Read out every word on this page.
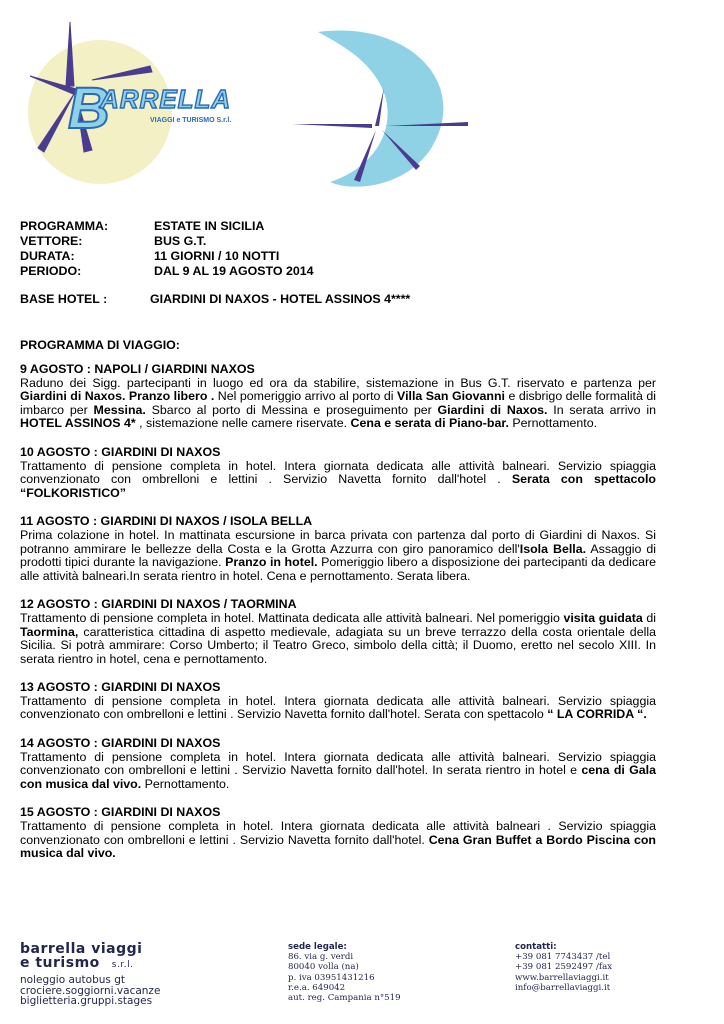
B
ARRELLA
VIAGGI e TURISMO S.r.l.
PROGRAMMA:	ESTATE IN SICILIA
VETTORE:	BUS G.T.
DURATA:	11 GIORNI / 10 NOTTI
PERIODO:	DAL 9 AL 19 AGOSTO 2014
BASE HOTEL :	GIARDINI DI NAXOS - HOTEL ASSINOS 4****
PROGRAMMA DI VIAGGIO:
9 AGOSTO : NAPOLI / GIARDINI NAXOS
Raduno dei Sigg. partecipanti in luogo ed ora da stabilire, sistemazione in Bus G.T. riservato e partenza per Giardini di Naxos. Pranzo libero . Nel pomeriggio arrivo al porto di Villa San Giovanni e disbrigo delle formalità di imbarco per Messina. Sbarco al porto di Messina e proseguimento per Giardini di Naxos. In serata arrivo in HOTEL ASSINOS 4* , sistemazione nelle camere riservate. Cena e serata di Piano-bar. Pernottamento.
10 AGOSTO : GIARDINI DI NAXOS
Trattamento di pensione completa in hotel. Intera giornata dedicata alle attività balneari. Servizio spiaggia convenzionato con ombrelloni e lettini . Servizio Navetta fornito dall'hotel . Serata con spettacolo “FOLKORISTICO”
11 AGOSTO : GIARDINI DI NAXOS / ISOLA BELLA
Prima colazione in hotel. In mattinata escursione in barca privata con partenza dal porto di Giardini di Naxos. Si potranno ammirare le bellezze della Costa e la Grotta Azzurra con giro panoramico dell'Isola Bella. Assaggio di prodotti tipici durante la navigazione. Pranzo in hotel. Pomeriggio libero a disposizione dei partecipanti da dedicare alle attività balneari.In serata rientro in hotel. Cena e pernottamento. Serata libera.
12 AGOSTO : GIARDINI DI NAXOS / TAORMINA
Trattamento di pensione completa in hotel. Mattinata dedicata alle attività balneari. Nel pomeriggio visita guidata di Taormina, caratteristica cittadina di aspetto medievale, adagiata su un breve terrazzo della costa orientale della Sicilia. Si potrà ammirare: Corso Umberto; il Teatro Greco, simbolo della città; il Duomo, eretto nel secolo XIII. In serata rientro in hotel, cena e pernottamento.
13 AGOSTO : GIARDINI DI NAXOS
Trattamento di pensione completa in hotel. Intera giornata dedicata alle attività balneari. Servizio spiaggia convenzionato con ombrelloni e lettini . Servizio Navetta fornito dall'hotel. Serata con spettacolo “ LA CORRIDA “.
14 AGOSTO : GIARDINI DI NAXOS
Trattamento di pensione completa in hotel. Intera giornata dedicata alle attività balneari. Servizio spiaggia convenzionato con ombrelloni e lettini . Servizio Navetta fornito dall'hotel. In serata rientro in hotel e cena di Gala con musica dal vivo. Pernottamento.
15 AGOSTO : GIARDINI DI NAXOS
Trattamento di pensione completa in hotel. Intera giornata dedicata alle attività balneari . Servizio spiaggia convenzionato con ombrelloni e lettini . Servizio Navetta fornito dall'hotel. Cena Gran Buffet a Bordo Piscina con musica dal vivo.
barrella viaggi
e turismo s.r.l.
noleggio autobus gt
crociere.soggiorni.vacanze
biglietteria.gruppi.stages
sede legale:
86. via g. verdi
80040 volla (na)
p. iva 03951431216
r.e.a. 649042
aut. reg. Campania n°519
contatti:
+39 081 7743437 /tel
+39 081 2592497 /fax
www.barrellaviaggi.it
info@barrellaviaggi.it
